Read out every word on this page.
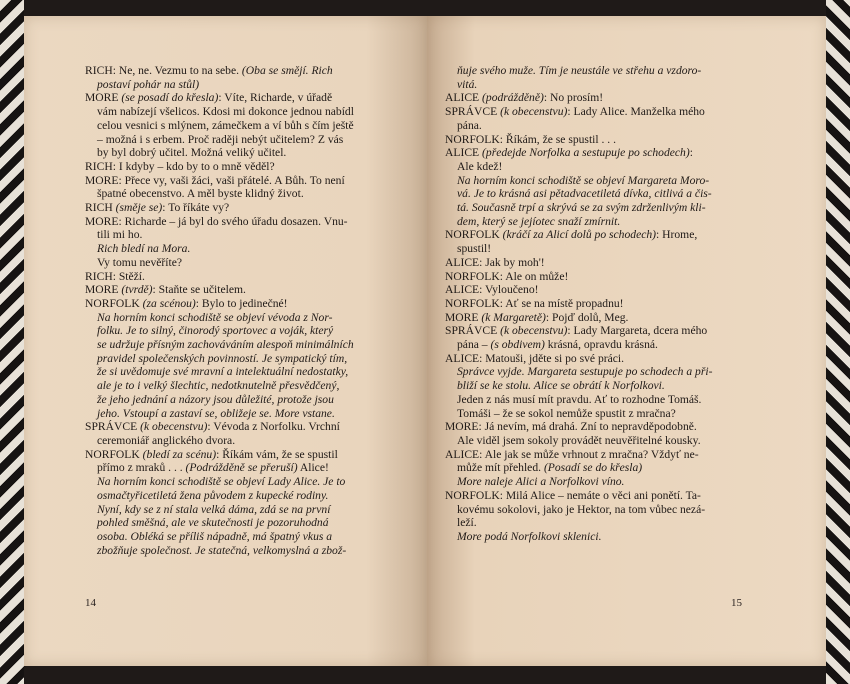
RICH: Ne, ne. Vezmu to na sebe. (Oba se smějí. Rich
postaví pohár na stůl)
MORE (se posadí do křesla): Víte, Richarde, v úřadě
vám nabízejí všelicos. Kdosi mi dokonce jednou nabídl
celou vesnici s mlýnem, zámečkem a ví bůh s čím ještě
– možná i s erbem. Proč raději nebýt učitelem? Z vás
by byl dobrý učitel. Možná veliký učitel.
RICH: I kdyby – kdo by to o mně věděl?
MORE: Přece vy, vaši žáci, vaši přátelé. A Bůh. To není
špatné obecenstvo. A měl byste klidný život.
RICH (směje se): To říkáte vy?
MORE: Richarde – já byl do svého úřadu dosazen. Vnu-
tili mi ho.
Rich bledí na Mora.
Vy tomu nevěříte?
RICH: Stěží.
MORE (tvrdě): Staňte se učitelem.
NORFOLK (za scénou): Bylo to jedinečné!
Na horním konci schodiště se objeví vévoda z Nor-
folku. Je to silný, činorodý sportovec a voják, který
se udržuje přísným zachováváním alespoň minimálních
pravidel společenských povinností. Je sympatický tím,
že si uvědomuje své mravní a intelektuální nedostatky,
ale je to i velký šlechtic, nedotknutelně přesvědčený,
že jeho jednání a názory jsou důležité, protože jsou
jeho. Vstoupí a zastaví se, obližeje se. More vstane.
SPRÁVCE (k obecenstvu): Vévoda z Norfolku. Vrchní
ceremoniář anglického dvora.
NORFOLK (bledí za scénu): Říkám vám, že se spustil
přímo z mraků . . . (Podrážděně se přeruší) Alice!
Na horním konci schodiště se objeví Lady Alice. Je to
osmačtyřicetiletá žena původem z kupecké rodiny.
Nyní, kdy se z ní stala velká dáma, zdá se na první
pohled směšná, ale ve skutečnosti je pozoruhodná
osoba. Obléká se příliš nápadně, má špatný vkus a
zbožňuje společnost. Je statečná, velkomyslná a zbož-
14
ňuje svého muže. Tím je neustále ve střehu a vzdoro-
vitá.
ALICE (podrážděně): No prosím!
SPRÁVCE (k obecenstvu): Lady Alice. Manželka mého
pána.
NORFOLK: Říkám, že se spustil . . .
ALICE (předejde Norfolka a sestupuje po schodech):
Ale kdež!
Na horním konci schodiště se objeví Margareta Moro-
vá. Je to krásná asi pětadvacetiletá dívka, citlivá a čis-
tá. Současně trpí a skrývá se za svým zdrženlivým kli-
dem, který se jejíotec snaží zmírnit.
NORFOLK (kráčí za Alicí dolů po schodech): Hrome,
spustil!
ALICE: Jak by moh'!
NORFOLK: Ale on může!
ALICE: Vyloučeno!
NORFOLK: Ať se na místě propadnu!
MORE (k Margaretě): Pojď dolů, Meg.
SPRÁVCE (k obecenstvu): Lady Margareta, dcera mého
pána – (s obdivem) krásná, opravdu krásná.
ALICE: Matouši, jděte si po své práci.
Správce vyjde. Margareta sestupuje po schodech a při-
bliží se ke stolu. Alice se obrátí k Norfolkovi.
Jeden z nás musí mít pravdu. Ať to rozhodne Tomáš.
Tomáši – že se sokol nemůže spustit z mračna?
MORE: Já nevím, má drahá. Zní to nepravděpodobně.
Ale viděl jsem sokoly provádět neuvěřitelné kousky.
ALICE: Ale jak se může vrhnout z mračna? Vždyť ne-
může mít přehled. (Posadí se do křesla)
More naleje Alici a Norfolkovi víno.
NORFOLK: Milá Alice – nemáte o věci ani ponětí. Ta-
kovému sokolovi, jako je Hektor, na tom vůbec nezá-
leží.
More podá Norfolkovi sklenici.
15
